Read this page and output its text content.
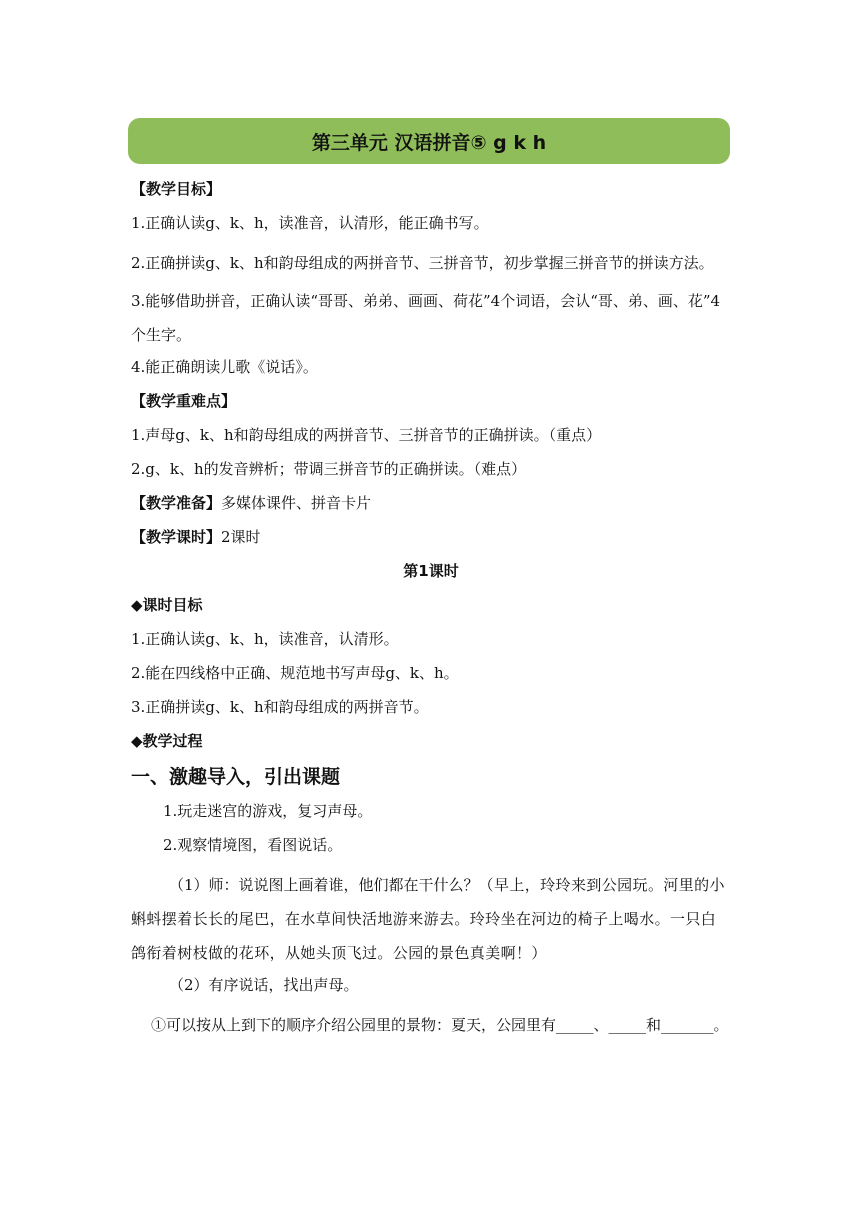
第三单元 汉语拼音⑤ g k h
【教学目标】
1.正确认读g、k、h，读准音，认清形，能正确书写。
2.正确拼读g、k、h和韵母组成的两拼音节、三拼音节，初步掌握三拼音节的拼读方法。
3.能够借助拼音，正确认读“哥哥、弟弟、画画、荷花”4个词语，会认“哥、弟、画、花”4个生字。
4.能正确朗读儿歌《说话》。
【教学重难点】
1.声母g、k、h和韵母组成的两拼音节、三拼音节的正确拼读。（重点）
2.g、k、h的发音辨析；带调三拼音节的正确拼读。（难点）
【教学准备】多媒体课件、拼音卡片
【教学课时】2课时
第1课时
◆课时目标
1.正确认读g、k、h，读准音，认清形。
2.能在四线格中正确、规范地书写声母g、k、h。
3.正确拼读g、k、h和韵母组成的两拼音节。
◆教学过程
一、激趣导入，引出课题
1.玩走迷宫的游戏，复习声母。
2.观察情境图，看图说话。
（1）师：说说图上画着谁，他们都在干什么？（早上，玲玲来到公园玩。河里的小蝌蚪摆着长长的尾巴，在水草间快活地游来游去。玲玲坐在河边的椅子上喝水。一只白鸽衔着树枝做的花环，从她头顶飞过。公园的景色真美啊！）
（2）有序说话，找出声母。
①可以按从上到下的顺序介绍公园里的景物：夏天，公园里有_____、_____和_______。
